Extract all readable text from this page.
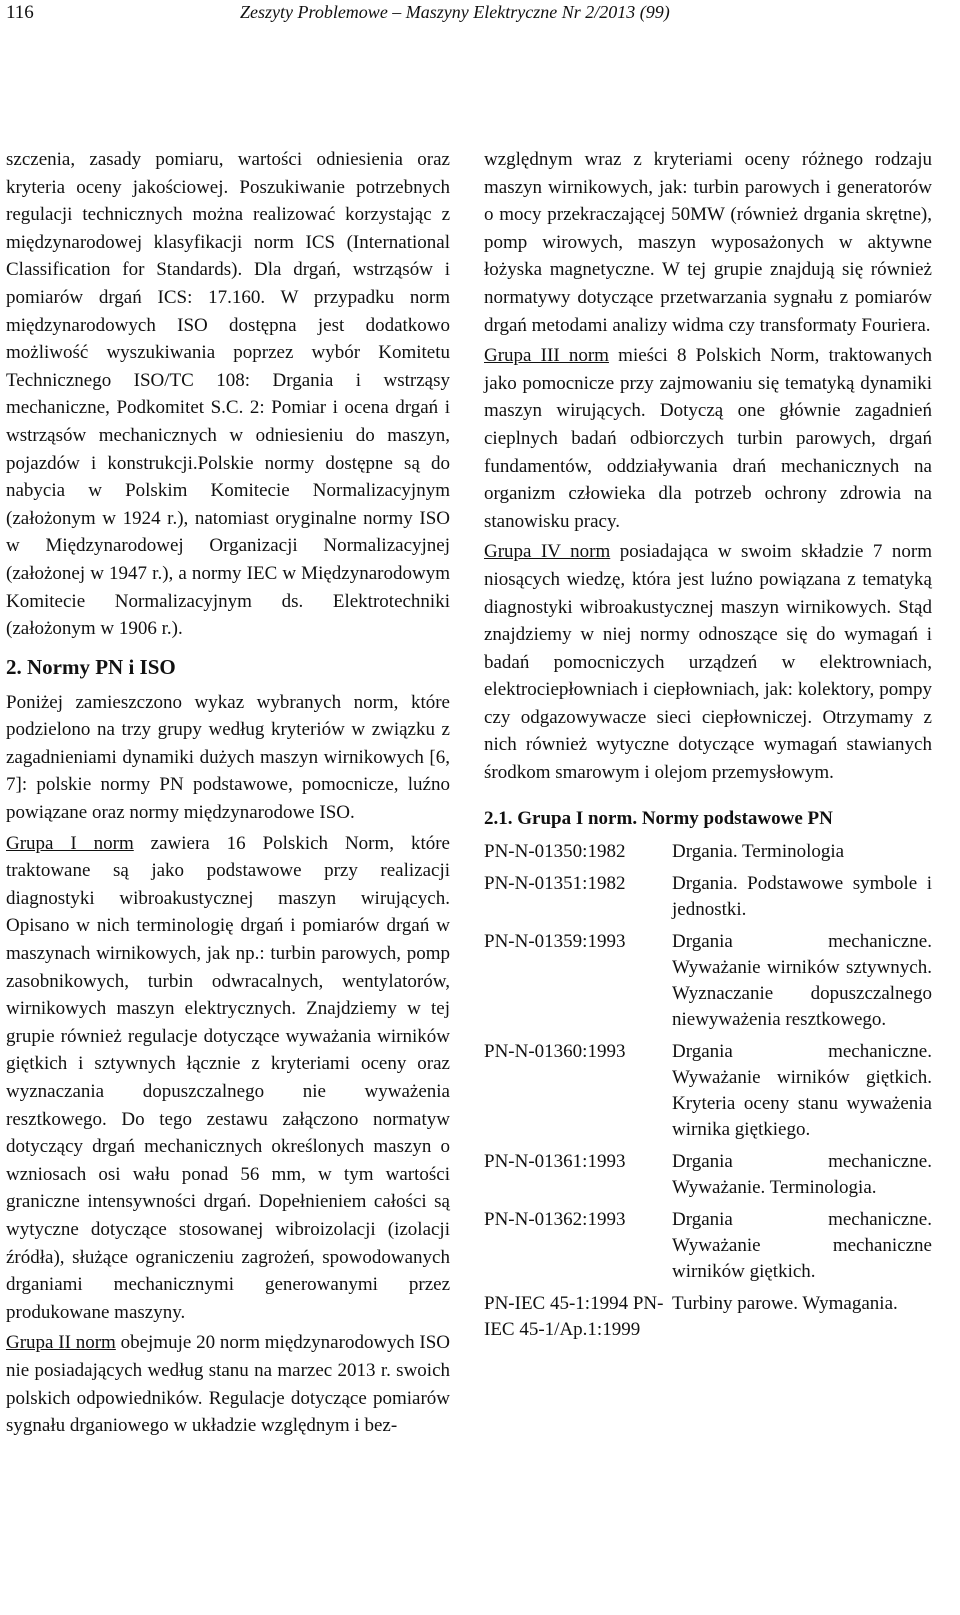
116	Zeszyty Problemowe – Maszyny Elektryczne Nr 2/2013 (99)

szczenia, zasady pomiaru, wartości odniesienia oraz kryteria oceny jakościowej. Poszukiwanie potrzebnych regulacji technicznych można realizować korzystając z międzynarodowej klasyfikacji norm ICS (International Classification for Standards). Dla drgań, wstrząsów i pomiarów drgań ICS: 17.160. W przypadku norm międzynarodowych ISO dostępna jest dodatkowo możliwość wyszukiwania poprzez wybór Komitetu Technicznego ISO/TC 108: Drgania i wstrząsy mechaniczne, Podkomitet S.C. 2: Pomiar i ocena drgań i wstrząsów mechanicznych w odniesieniu do maszyn, pojazdów i konstrukcji.Polskie normy dostępne są do nabycia w Polskim Komitecie Normalizacyjnym (założonym w 1924 r.), natomiast oryginalne normy ISO w Międzynarodowej Organizacji Normalizacyjnej (założonej w 1947 r.), a normy IEC w Międzynarodowym Komitecie Normalizacyjnym ds. Elektrotechniki (założonym w 1906 r.).

2. Normy PN i ISO

Poniżej zamieszczono wykaz wybranych norm, które podzielono na trzy grupy według kryteriów w związku z zagadnieniami dynamiki dużych maszyn wirnikowych [6, 7]: polskie normy PN podstawowe, pomocnicze, luźno powiązane oraz normy międzynarodowe ISO.

Grupa I norm zawiera 16 Polskich Norm, które traktowane są jako podstawowe przy realizacji diagnostyki wibroakustycznej maszyn wirujących. Opisano w nich terminologię drgań i pomiarów drgań w maszynach wirnikowych, jak np.: turbin parowych, pomp zasobnikowych, turbin odwracalnych, wentylatorów, wirnikowych maszyn elektrycznych. Znajdziemy w tej grupie również regulacje dotyczące wyważania wirników giętkich i sztywnych łącznie z kryteriami oceny oraz wyznaczania dopuszczalnego nie wyważenia resztkowego. Do tego zestawu załączono normatyw dotyczący drgań mechanicznych określonych maszyn o wzniosach osi wału ponad 56 mm, w tym wartości graniczne intensywności drgań. Dopełnieniem całości są wytyczne dotyczące stosowanej wibroizolacji (izolacji źródła), służące ograniczeniu zagrożeń, spowodowanych drganiami mechanicznymi generowanymi przez produkowane maszyny.

Grupa II norm obejmuje 20 norm międzynarodowych ISO nie posiadających według stanu na marzec 2013 r. swoich polskich odpowiedników. Regulacje dotyczące pomiarów sygnału drganiowego w układzie względnym i bez-

względnym wraz z kryteriami oceny różnego rodzaju maszyn wirnikowych, jak: turbin parowych i generatorów o mocy przekraczającej 50MW (również drgania skrętne), pomp wirowych, maszyn wyposażonych w aktywne łożyska magnetyczne. W tej grupie znajdują się również normatywy dotyczące przetwarzania sygnału z pomiarów drgań metodami analizy widma czy transformaty Fouriera.

Grupa III norm mieści 8 Polskich Norm, traktowanych jako pomocnicze przy zajmowaniu się tematyką dynamiki maszyn wirujących. Dotyczą one głównie zagadnień cieplnych badań odbiorczych turbin parowych, drgań fundamentów, oddziaływania drań mechanicznych na organizm człowieka dla potrzeb ochrony zdrowia na stanowisku pracy.

Grupa IV norm posiadająca w swoim składzie 7 norm niosących wiedzę, która jest luźno powiązana z tematyką diagnostyki wibroakustycznej maszyn wirnikowych. Stąd znajdziemy w niej normy odnoszące się do wymagań i badań pomocniczych urządzeń w elektrowniach, elektrociepłowniach i ciepłowniach, jak: kolektory, pompy czy odgazowywacze sieci ciepłowniczej. Otrzymamy z nich również wytyczne dotyczące wymagań stawianych środkom smarowym i olejom przemysłowym.

2.1. Grupa I norm. Normy podstawowe PN
PN-N-01350:1982	Drgania. Terminologia
PN-N-01351:1982	Drgania. Podstawowe symbole i jednostki.
PN-N-01359:1993	Drgania mechaniczne. Wyważanie wirników sztywnych. Wyznaczanie dopuszczalnego niewyważenia resztkowego.
PN-N-01360:1993	Drgania mechaniczne. Wyważanie wirników giętkich. Kryteria oceny stanu wyważenia wirnika giętkiego.
PN-N-01361:1993	Drgania mechaniczne. Wyważanie. Terminologia.
PN-N-01362:1993	Drgania mechaniczne. Wyważanie mechaniczne wirników giętkich.
PN-IEC 45-1:1994 PN-IEC 45-1/Ap.1:1999	Turbiny parowe. Wymagania.
